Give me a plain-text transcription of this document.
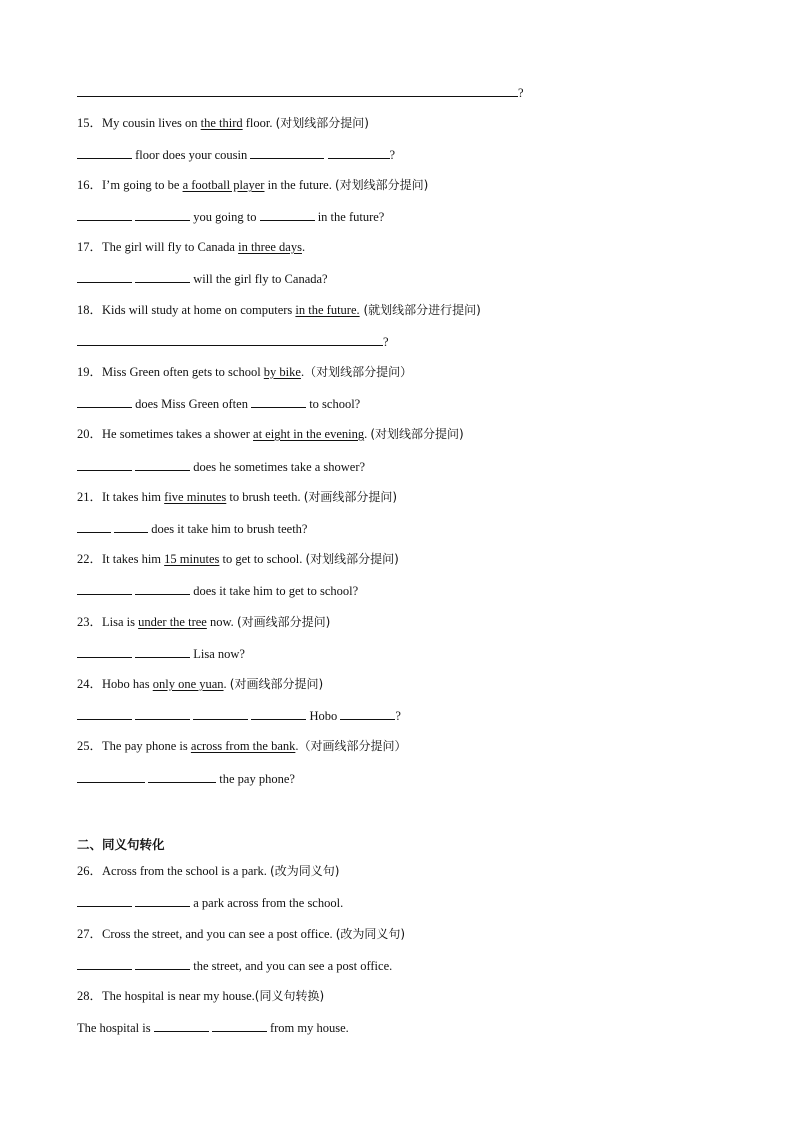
?
15．My cousin lives on the third floor. (对划线部分提问)
floor does your cousin	?
16．I’m going to be a football player in the future. (对划线部分提问)
you going to	in the future?
17．The girl will fly to Canada in three days.
will the girl fly to Canada?
18．Kids will study at home on computers in the future. (就划线部分进行提问)
?
19．Miss Green often gets to school by bike.（对划线部分提问）
does Miss Green often	to school?
20．He sometimes takes a shower at eight in the evening. (对划线部分提问)
does he sometimes take a shower?
21．It takes him five minutes to brush teeth. (对画线部分提问)
does it take him to brush teeth?
22．It takes him 15 minutes to get to school. (对划线部分提问)
does it take him to get to school?
23．Lisa is under the tree now. (对画线部分提问)
Lisa now?
24．Hobo has only one yuan. (对画线部分提问)
Hobo	?
25．The pay phone is across from the bank.（对画线部分提问）
the pay phone?
二、同义句转化
26．Across from the school is a park. (改为同义句)
a park across from the school.
27．Cross the street, and you can see a post office. (改为同义句)
the street, and you can see a post office.
28．The hospital is near my house.(同义句转换)
The hospital is	from my house.
